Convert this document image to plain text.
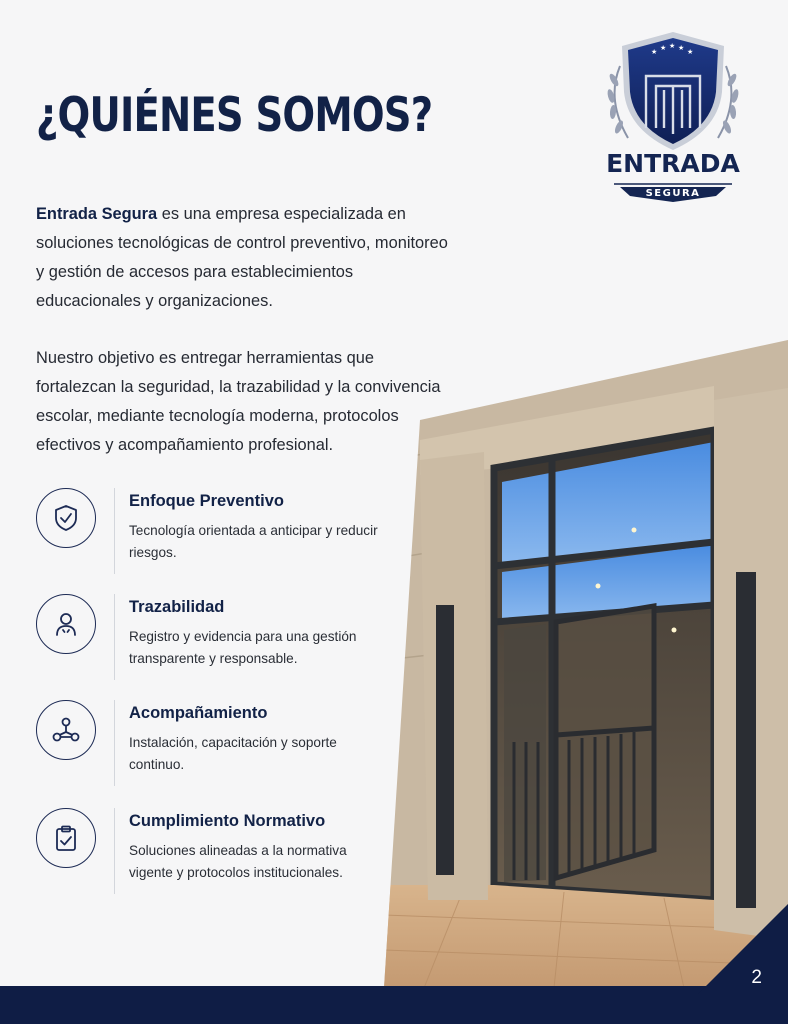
¿QUIÉNES SOMOS?
★ ★ ★ ★ ★
ENTRADA
SEGURA

Entrada Segura es una empresa especializada en soluciones tecnológicas de control preventivo, monitoreo y gestión de accesos para establecimientos educacionales y organizaciones.

Nuestro objetivo es entregar herramientas que fortalezcan la seguridad, la trazabilidad y la convivencia escolar, mediante tecnología moderna, protocolos efectivos y acompañamiento profesional.

Enfoque Preventivo

Tecnología orientada a anticipar y reducir riesgos.

Trazabilidad

Registro y evidencia para una gestión transparente y responsable.

Acompañamiento

Instalación, capacitación y soporte continuo.

Cumplimiento Normativo

Soluciones alineadas a la normativa vigente y protocolos institucionales.

2
